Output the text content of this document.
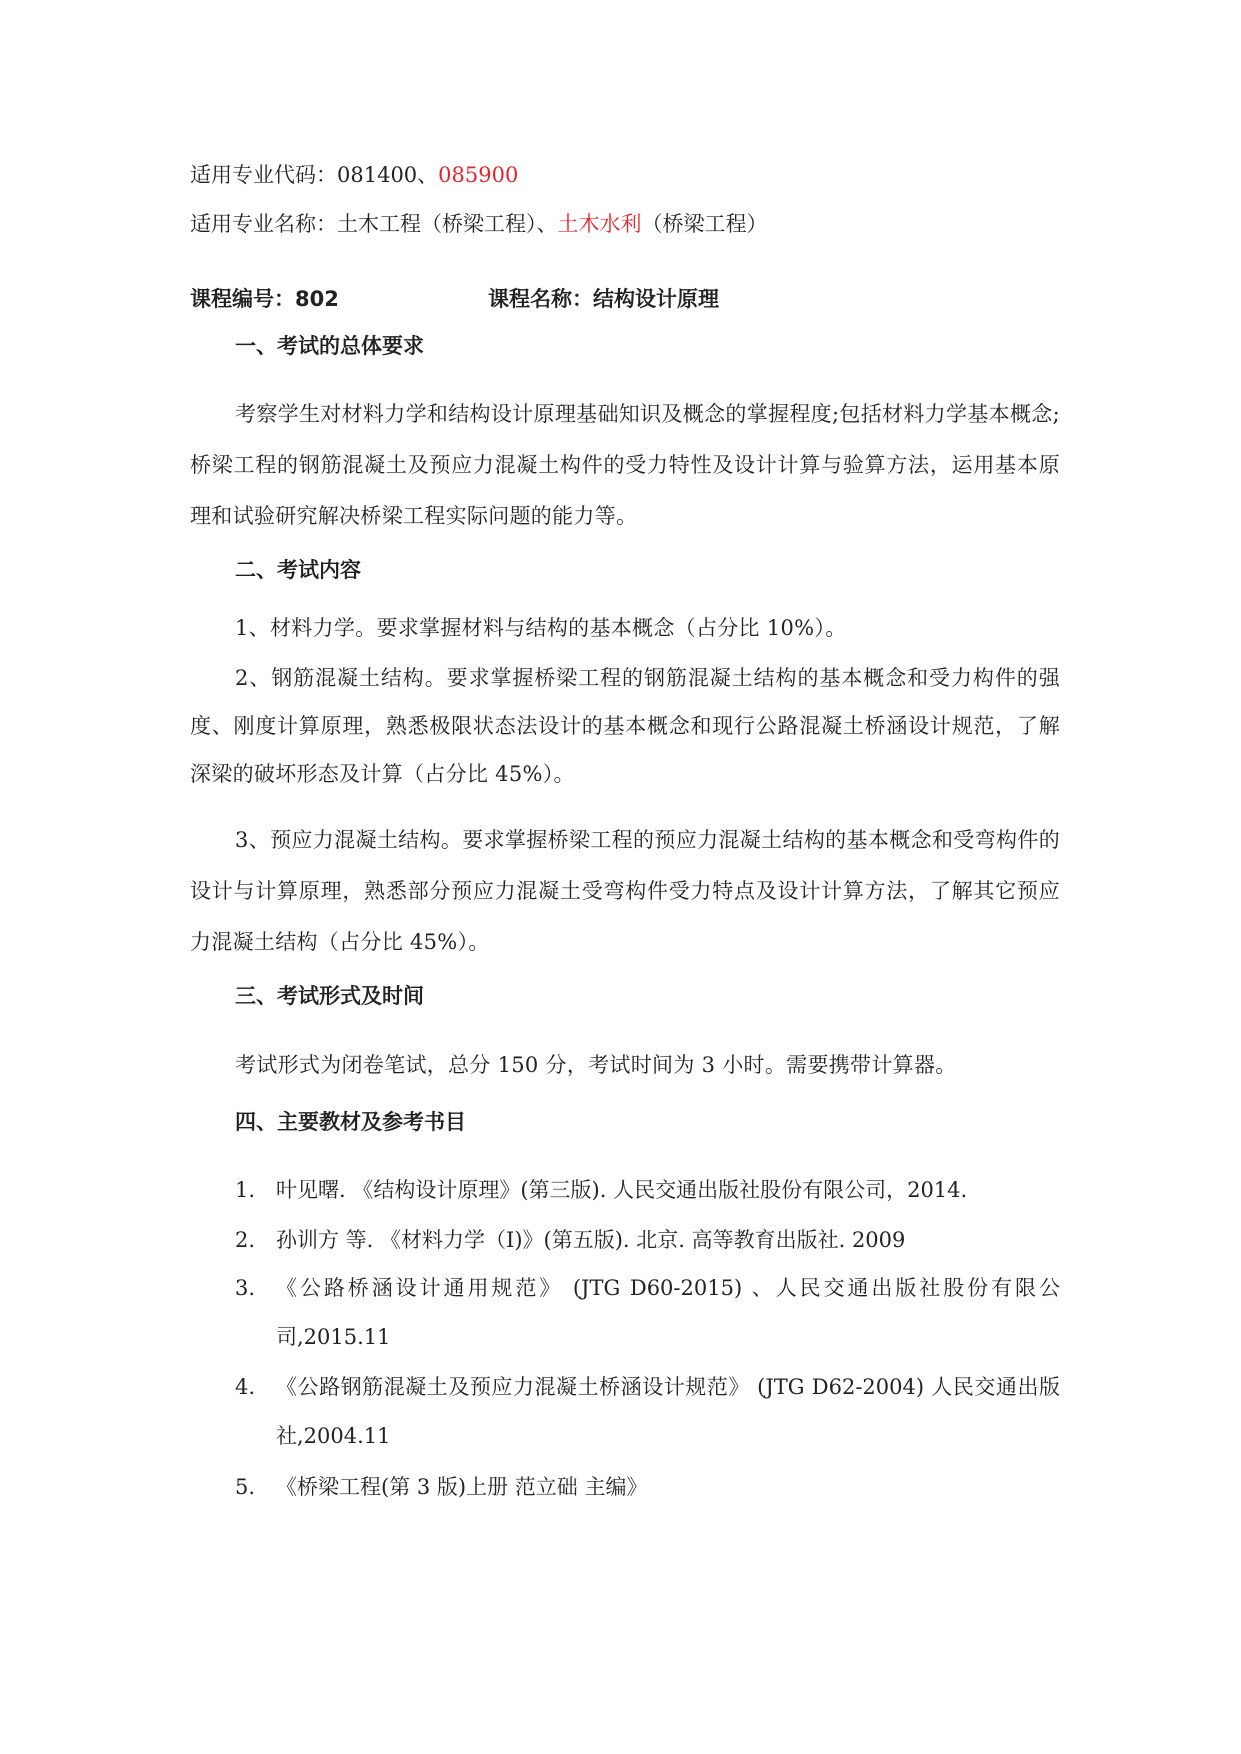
适用专业代码：081400、085900
适用专业名称：土木工程（桥梁工程）、土木水利（桥梁工程）
课程编号：802	课程名称：结构设计原理
一、考试的总体要求

考察学生对材料力学和结构设计原理基础知识及概念的掌握程度;包括材料力学基本概念;桥梁工程的钢筋混凝土及预应力混凝土构件的受力特性及设计计算与验算方法，运用基本原理和试验研究解决桥梁工程实际问题的能力等。

二、考试内容

1、材料力学。要求掌握材料与结构的基本概念（占分比 10%）。

2、钢筋混凝土结构。要求掌握桥梁工程的钢筋混凝土结构的基本概念和受力构件的强度、刚度计算原理，熟悉极限状态法设计的基本概念和现行公路混凝土桥涵设计规范，了解深梁的破坏形态及计算（占分比 45%）。

3、预应力混凝土结构。要求掌握桥梁工程的预应力混凝土结构的基本概念和受弯构件的设计与计算原理，熟悉部分预应力混凝土受弯构件受力特点及设计计算方法，了解其它预应力混凝土结构（占分比 45%）。

三、考试形式及时间

考试形式为闭卷笔试，总分 150 分，考试时间为 3 小时。需要携带计算器。

四、主要教材及参考书目
1. 叶见曙. 《结构设计原理》(第三版). 人民交通出版社股份有限公司，2014.
2. 孙训方 等. 《材料力学（Ⅰ)》(第五版). 北京. 高等教育出版社. 2009
3. 《公路桥涵设计通用规范》 (JTG D60-2015) 、人民交通出版社股份有限公司,2015.11
4. 《公路钢筋混凝土及预应力混凝土桥涵设计规范》 (JTG D62-2004) 人民交通出版社,2004.11
5. 《桥梁工程(第 3 版)上册 范立础 主编》
